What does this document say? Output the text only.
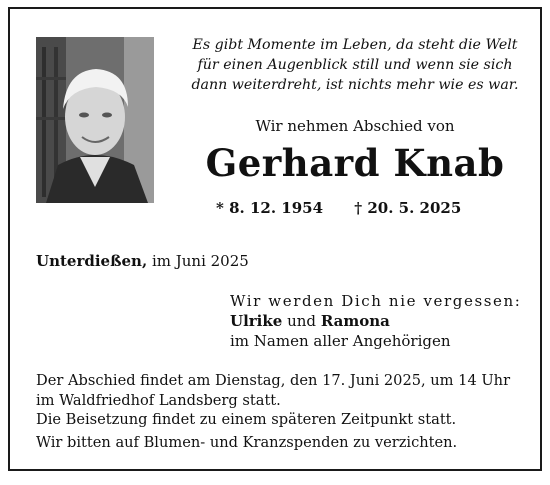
Es gibt Momente im Leben, da steht die Welt
für einen Augenblick still und wenn sie sich
dann weiterdreht, ist nichts mehr wie es war.
Wir nehmen Abschied von
Gerhard Knab
* 8. 12. 1954 † 20. 5. 2025
Unterdießen, im Juni 2025
Wir werden Dich nie vergessen:
Ulrike und Ramona
im Namen aller Angehörigen
Der Abschied findet am Dienstag, den 17. Juni 2025, um 14 Uhr
im Waldfriedhof Landsberg statt.
Die Beisetzung findet zu einem späteren Zeitpunkt statt.
Wir bitten auf Blumen- und Kranzspenden zu verzichten.
